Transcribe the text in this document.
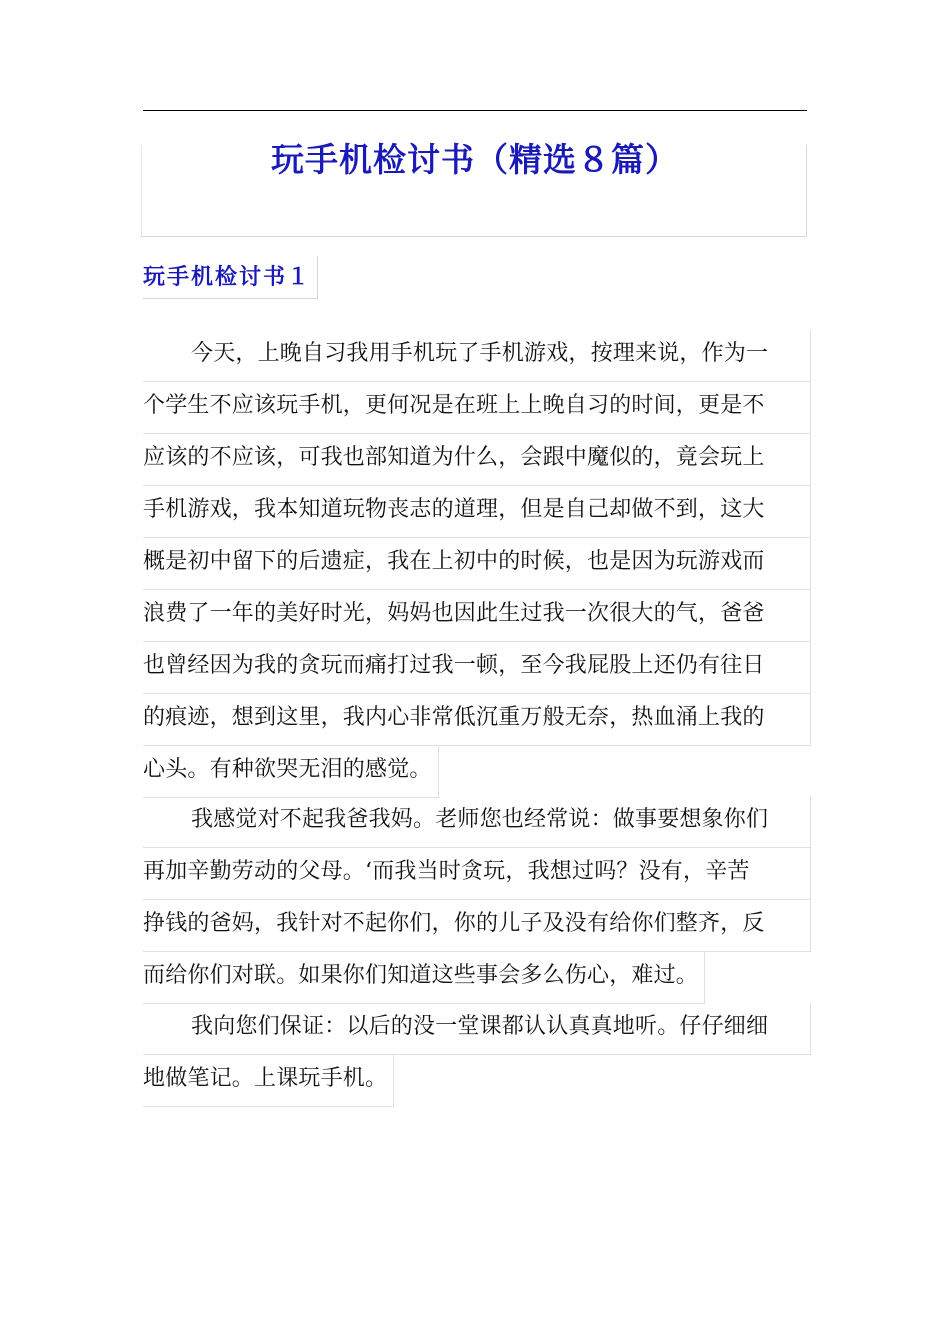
玩手机检讨书（精选８篇）
玩手机检讨书１
今天，上晚自习我用手机玩了手机游戏，按理来说，作为一
个学生不应该玩手机，更何况是在班上上晚自习的时间，更是不
应该的不应该，可我也部知道为什么，会跟中魔似的，竟会玩上
手机游戏，我本知道玩物丧志的道理，但是自己却做不到，这大
概是初中留下的后遗症，我在上初中的时候，也是因为玩游戏而
浪费了一年的美好时光，妈妈也因此生过我一次很大的气，爸爸
也曾经因为我的贪玩而痛打过我一顿，至今我屁股上还仍有往日
的痕迹，想到这里，我内心非常低沉重万般无奈，热血涌上我的
心头。有种欲哭无泪的感觉。
我感觉对不起我爸我妈。老师您也经常说：做事要想象你们
再加辛勤劳动的父母。‘而我当时贪玩，我想过吗？没有，辛苦
挣钱的爸妈，我针对不起你们，你的儿子及没有给你们整齐，反
而给你们对联。如果你们知道这些事会多么伤心，难过。
我向您们保证：以后的没一堂课都认认真真地听。仔仔细细
地做笔记。上课玩手机。
